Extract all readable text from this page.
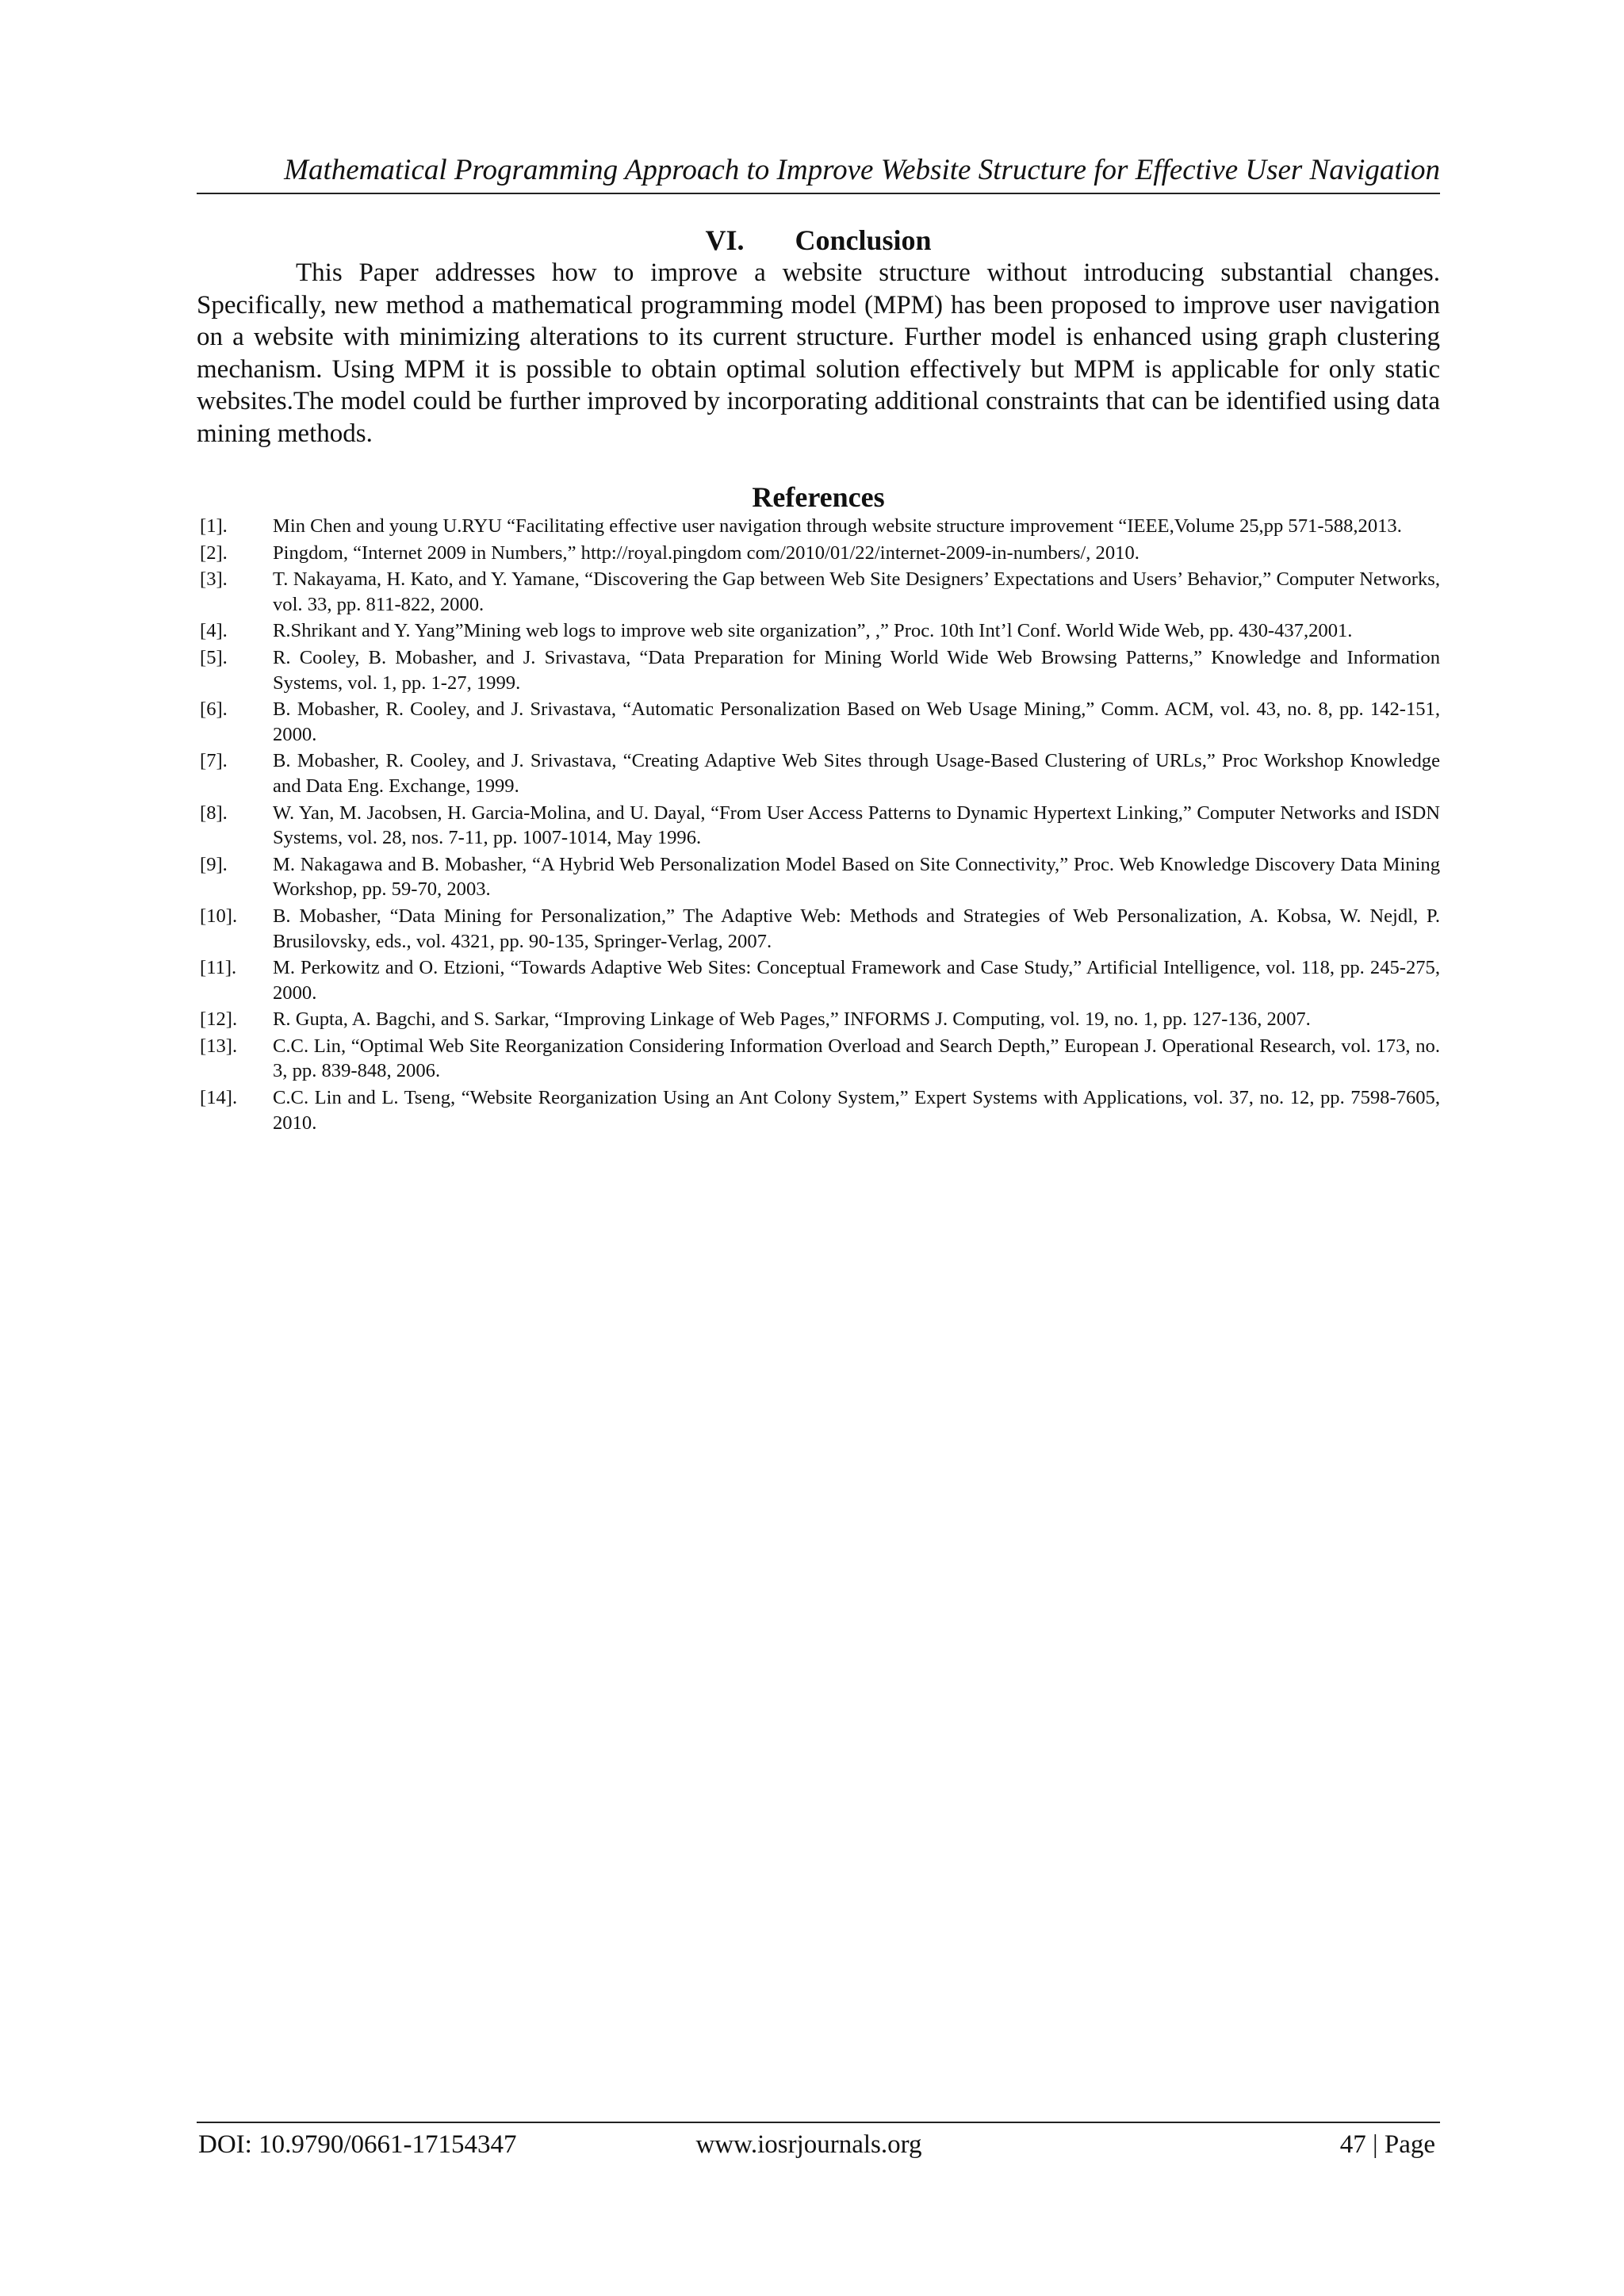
Mathematical Programming Approach to Improve Website Structure for Effective User Navigation
VI. Conclusion

This Paper addresses how to improve a website structure without introducing substantial changes. Specifically, new method a mathematical programming model (MPM) has been proposed to improve user navigation on a website with minimizing alterations to its current structure. Further model is enhanced using graph clustering mechanism. Using MPM it is possible to obtain optimal solution effectively but MPM is applicable for only static websites.The model could be further improved by incorporating additional constraints that can be identified using data mining methods.

References
[1]. Min Chen and young U.RYU “Facilitating effective user navigation through website structure improvement “IEEE,Volume 25,pp 571-588,2013.
[2]. Pingdom, “Internet 2009 in Numbers,” http://royal.pingdom com/2010/01/22/internet-2009-in-numbers/, 2010.
[3]. T. Nakayama, H. Kato, and Y. Yamane, “Discovering the Gap between Web Site Designers’ Expectations and Users’ Behavior,” Computer Networks, vol. 33, pp. 811-822, 2000.
[4]. R.Shrikant and Y. Yang”Mining web logs to improve web site organization”, ,” Proc. 10th Int’l Conf. World Wide Web, pp. 430-437,2001.
[5]. R. Cooley, B. Mobasher, and J. Srivastava, “Data Preparation for Mining World Wide Web Browsing Patterns,” Knowledge and Information Systems, vol. 1, pp. 1-27, 1999.
[6]. B. Mobasher, R. Cooley, and J. Srivastava, “Automatic Personalization Based on Web Usage Mining,” Comm. ACM, vol. 43, no. 8, pp. 142-151, 2000.
[7]. B. Mobasher, R. Cooley, and J. Srivastava, “Creating Adaptive Web Sites through Usage-Based Clustering of URLs,” Proc Workshop Knowledge and Data Eng. Exchange, 1999.
[8]. W. Yan, M. Jacobsen, H. Garcia-Molina, and U. Dayal, “From User Access Patterns to Dynamic Hypertext Linking,” Computer Networks and ISDN Systems, vol. 28, nos. 7-11, pp. 1007-1014, May 1996.
[9]. M. Nakagawa and B. Mobasher, “A Hybrid Web Personalization Model Based on Site Connectivity,” Proc. Web Knowledge Discovery Data Mining Workshop, pp. 59-70, 2003.
[10]. B. Mobasher, “Data Mining for Personalization,” The Adaptive Web: Methods and Strategies of Web Personalization, A. Kobsa, W. Nejdl, P. Brusilovsky, eds., vol. 4321, pp. 90-135, Springer-Verlag, 2007.
[11]. M. Perkowitz and O. Etzioni, “Towards Adaptive Web Sites: Conceptual Framework and Case Study,” Artificial Intelligence, vol. 118, pp. 245-275, 2000.
[12]. R. Gupta, A. Bagchi, and S. Sarkar, “Improving Linkage of Web Pages,” INFORMS J. Computing, vol. 19, no. 1, pp. 127-136, 2007.
[13]. C.C. Lin, “Optimal Web Site Reorganization Considering Information Overload and Search Depth,” European J. Operational Research, vol. 173, no. 3, pp. 839-848, 2006.
[14]. C.C. Lin and L. Tseng, “Website Reorganization Using an Ant Colony System,” Expert Systems with Applications, vol. 37, no. 12, pp. 7598-7605, 2010.
DOI: 10.9790/0661-17154347	www.iosrjournals.org	47 | Page
